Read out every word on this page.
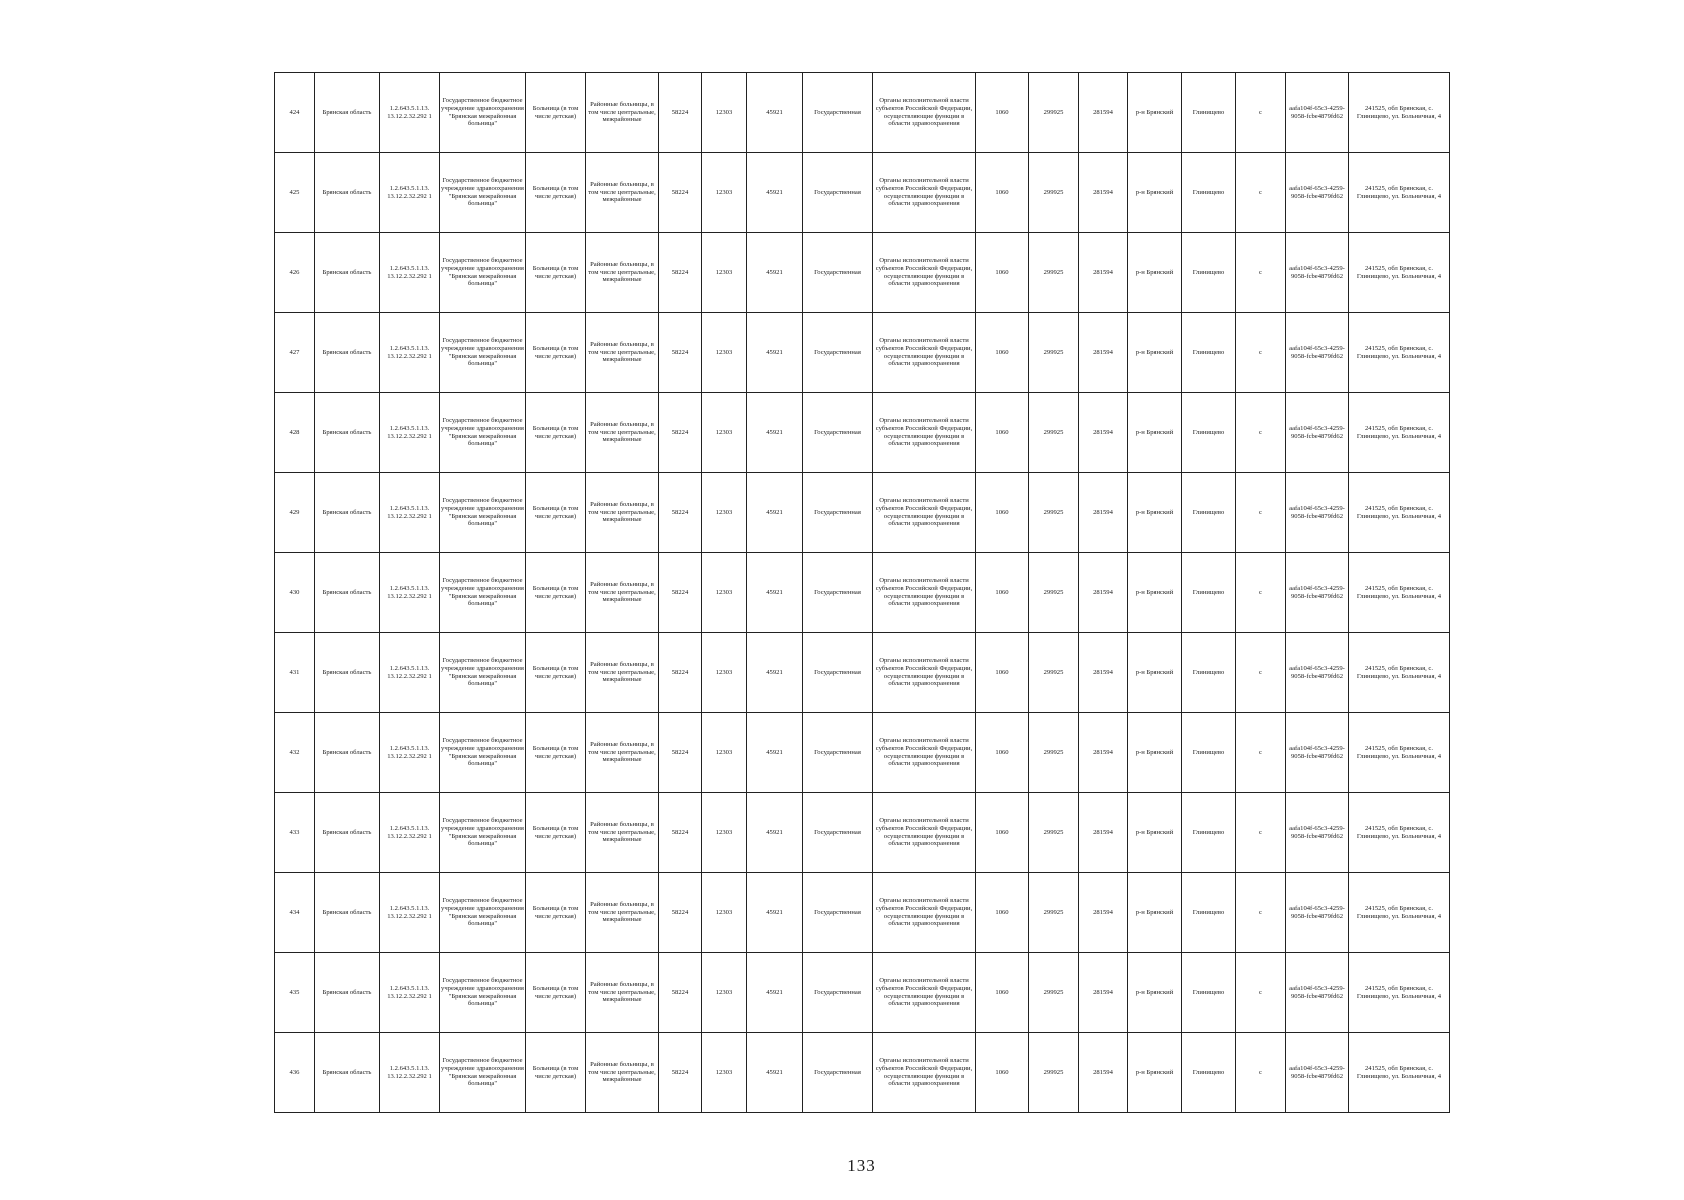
424	Брянская область	1.2.643.5.1.13. 13.12.2.32.292 1	Государственное бюджетное учреждение здравоохранения "Брянская межрайонная больница"	Больница (в том числе детская)	Районные больницы, в том числе центральные, межрайонные	58224	12303	45921	Государственная	Органы исполнительной власти субъектов Российской Федерации, осуществляющие функции в области здравоохранения	1060	299925	281594	р-н Брянский	Глинищево	с	aafa104f-65c3-4259-9058-fcbe4879fd62	241525, обл Брянская, с. Глинищево, ул. Больничная, 4
425	Брянская область	1.2.643.5.1.13. 13.12.2.32.292 1	Государственное бюджетное учреждение здравоохранения "Брянская межрайонная больница"	Больница (в том числе детская)	Районные больницы, в том числе центральные, межрайонные	58224	12303	45921	Государственная	Органы исполнительной власти субъектов Российской Федерации, осуществляющие функции в области здравоохранения	1060	299925	281594	р-н Брянский	Глинищево	с	aafa104f-65c3-4259-9058-fcbe4879fd62	241525, обл Брянская, с. Глинищево, ул. Больничная, 4
426	Брянская область	1.2.643.5.1.13. 13.12.2.32.292 1	Государственное бюджетное учреждение здравоохранения "Брянская межрайонная больница"	Больница (в том числе детская)	Районные больницы, в том числе центральные, межрайонные	58224	12303	45921	Государственная	Органы исполнительной власти субъектов Российской Федерации, осуществляющие функции в области здравоохранения	1060	299925	281594	р-н Брянский	Глинищево	с	aafa104f-65c3-4259-9058-fcbe4879fd62	241525, обл Брянская, с. Глинищево, ул. Больничная, 4
427	Брянская область	1.2.643.5.1.13. 13.12.2.32.292 1	Государственное бюджетное учреждение здравоохранения "Брянская межрайонная больница"	Больница (в том числе детская)	Районные больницы, в том числе центральные, межрайонные	58224	12303	45921	Государственная	Органы исполнительной власти субъектов Российской Федерации, осуществляющие функции в области здравоохранения	1060	299925	281594	р-н Брянский	Глинищево	с	aafa104f-65c3-4259-9058-fcbe4879fd62	241525, обл Брянская, с. Глинищево, ул. Больничная, 4
428	Брянская область	1.2.643.5.1.13. 13.12.2.32.292 1	Государственное бюджетное учреждение здравоохранения "Брянская межрайонная больница"	Больница (в том числе детская)	Районные больницы, в том числе центральные, межрайонные	58224	12303	45921	Государственная	Органы исполнительной власти субъектов Российской Федерации, осуществляющие функции в области здравоохранения	1060	299925	281594	р-н Брянский	Глинищево	с	aafa104f-65c3-4259-9058-fcbe4879fd62	241525, обл Брянская, с. Глинищево, ул. Больничная, 4
429	Брянская область	1.2.643.5.1.13. 13.12.2.32.292 1	Государственное бюджетное учреждение здравоохранения "Брянская межрайонная больница"	Больница (в том числе детская)	Районные больницы, в том числе центральные, межрайонные	58224	12303	45921	Государственная	Органы исполнительной власти субъектов Российской Федерации, осуществляющие функции в области здравоохранения	1060	299925	281594	р-н Брянский	Глинищево	с	aafa104f-65c3-4259-9058-fcbe4879fd62	241525, обл Брянская, с. Глинищево, ул. Больничная, 4
430	Брянская область	1.2.643.5.1.13. 13.12.2.32.292 1	Государственное бюджетное учреждение здравоохранения "Брянская межрайонная больница"	Больница (в том числе детская)	Районные больницы, в том числе центральные, межрайонные	58224	12303	45921	Государственная	Органы исполнительной власти субъектов Российской Федерации, осуществляющие функции в области здравоохранения	1060	299925	281594	р-н Брянский	Глинищево	с	aafa104f-65c3-4259-9058-fcbe4879fd62	241525, обл Брянская, с. Глинищево, ул. Больничная, 4
431	Брянская область	1.2.643.5.1.13. 13.12.2.32.292 1	Государственное бюджетное учреждение здравоохранения "Брянская межрайонная больница"	Больница (в том числе детская)	Районные больницы, в том числе центральные, межрайонные	58224	12303	45921	Государственная	Органы исполнительной власти субъектов Российской Федерации, осуществляющие функции в области здравоохранения	1060	299925	281594	р-н Брянский	Глинищево	с	aafa104f-65c3-4259-9058-fcbe4879fd62	241525, обл Брянская, с. Глинищево, ул. Больничная, 4
432	Брянская область	1.2.643.5.1.13. 13.12.2.32.292 1	Государственное бюджетное учреждение здравоохранения "Брянская межрайонная больница"	Больница (в том числе детская)	Районные больницы, в том числе центральные, межрайонные	58224	12303	45921	Государственная	Органы исполнительной власти субъектов Российской Федерации, осуществляющие функции в области здравоохранения	1060	299925	281594	р-н Брянский	Глинищево	с	aafa104f-65c3-4259-9058-fcbe4879fd62	241525, обл Брянская, с. Глинищево, ул. Больничная, 4
433	Брянская область	1.2.643.5.1.13. 13.12.2.32.292 1	Государственное бюджетное учреждение здравоохранения "Брянская межрайонная больница"	Больница (в том числе детская)	Районные больницы, в том числе центральные, межрайонные	58224	12303	45921	Государственная	Органы исполнительной власти субъектов Российской Федерации, осуществляющие функции в области здравоохранения	1060	299925	281594	р-н Брянский	Глинищево	с	aafa104f-65c3-4259-9058-fcbe4879fd62	241525, обл Брянская, с. Глинищево, ул. Больничная, 4
434	Брянская область	1.2.643.5.1.13. 13.12.2.32.292 1	Государственное бюджетное учреждение здравоохранения "Брянская межрайонная больница"	Больница (в том числе детская)	Районные больницы, в том числе центральные, межрайонные	58224	12303	45921	Государственная	Органы исполнительной власти субъектов Российской Федерации, осуществляющие функции в области здравоохранения	1060	299925	281594	р-н Брянский	Глинищево	с	aafa104f-65c3-4259-9058-fcbe4879fd62	241525, обл Брянская, с. Глинищево, ул. Больничная, 4
435	Брянская область	1.2.643.5.1.13. 13.12.2.32.292 1	Государственное бюджетное учреждение здравоохранения "Брянская межрайонная больница"	Больница (в том числе детская)	Районные больницы, в том числе центральные, межрайонные	58224	12303	45921	Государственная	Органы исполнительной власти субъектов Российской Федерации, осуществляющие функции в области здравоохранения	1060	299925	281594	р-н Брянский	Глинищево	с	aafa104f-65c3-4259-9058-fcbe4879fd62	241525, обл Брянская, с. Глинищево, ул. Больничная, 4
436	Брянская область	1.2.643.5.1.13. 13.12.2.32.292 1	Государственное бюджетное учреждение здравоохранения "Брянская межрайонная больница"	Больница (в том числе детская)	Районные больницы, в том числе центральные, межрайонные	58224	12303	45921	Государственная	Органы исполнительной власти субъектов Российской Федерации, осуществляющие функции в области здравоохранения	1060	299925	281594	р-н Брянский	Глинищево	с	aafa104f-65c3-4259-9058-fcbe4879fd62	241525, обл Брянская, с. Глинищево, ул. Больничная, 4
133
